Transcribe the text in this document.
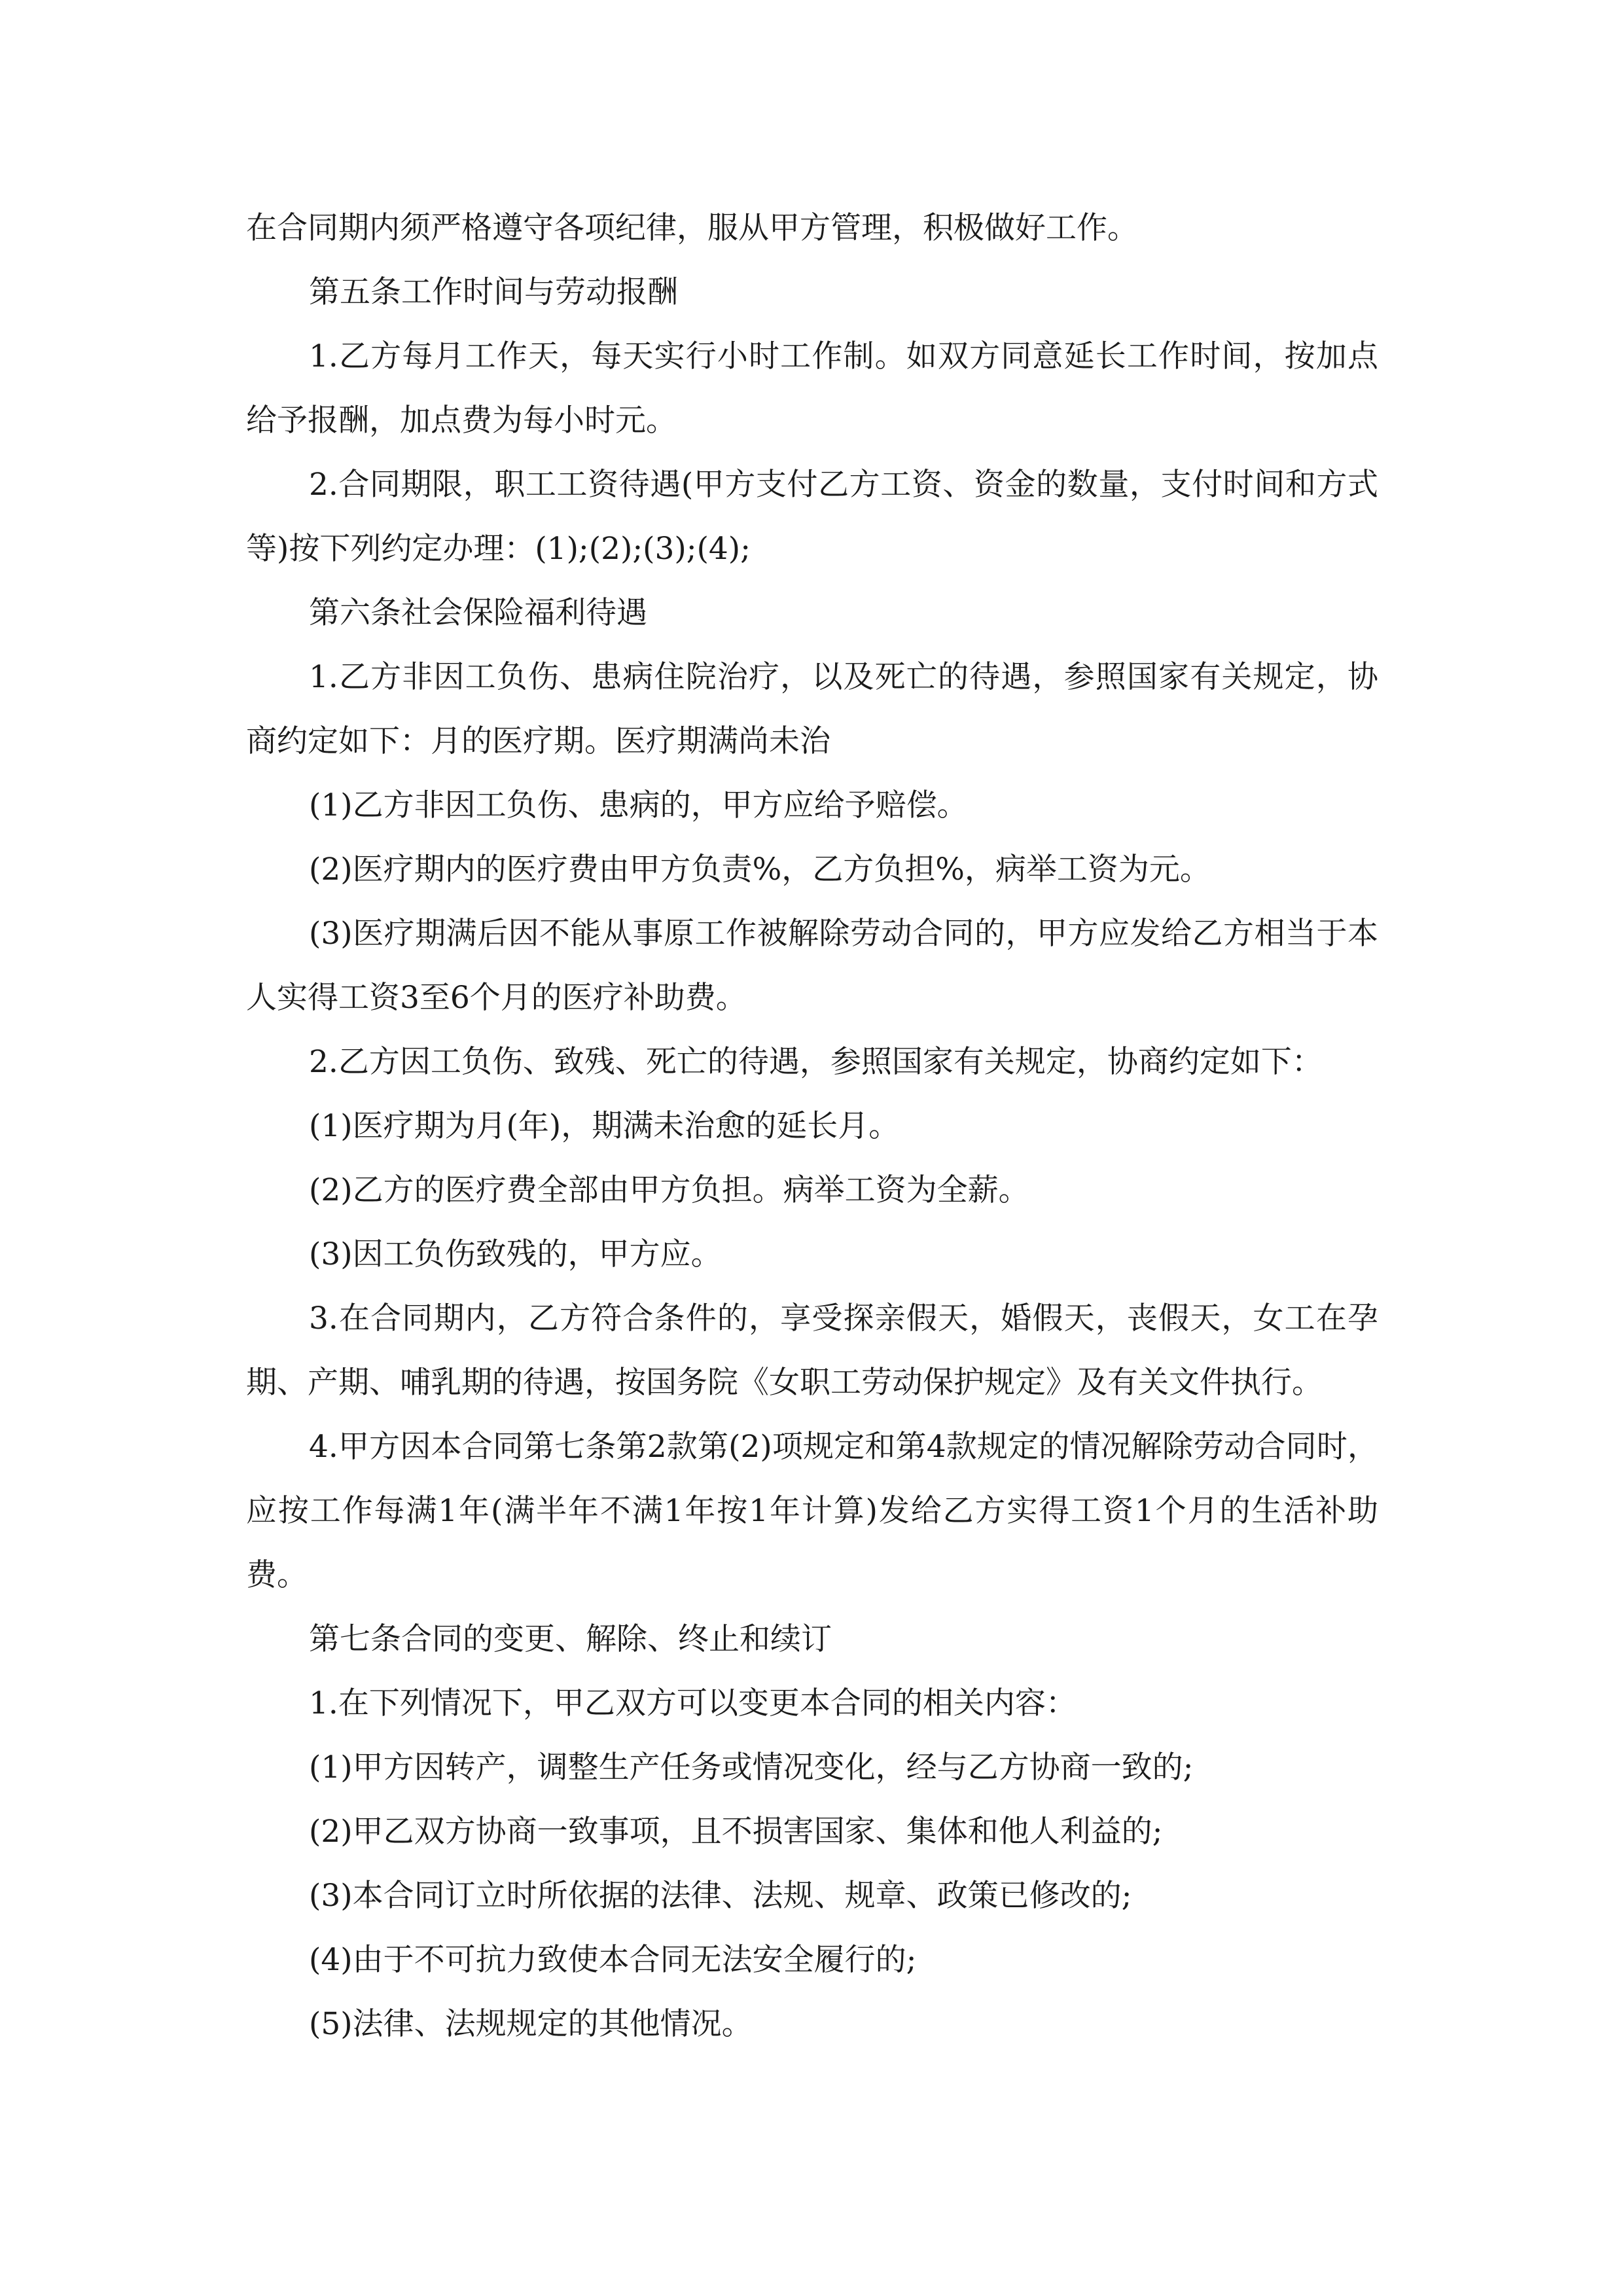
在合同期内须严格遵守各项纪律，服从甲方管理，积极做好工作。

第五条工作时间与劳动报酬

1.乙方每月工作天，每天实行小时工作制。如双方同意延长工作时间，按加点给予报酬，加点费为每小时元。

2.合同期限，职工工资待遇(甲方支付乙方工资、资金的数量，支付时间和方式等)按下列约定办理：(1);(2);(3);(4);

第六条社会保险福利待遇

1.乙方非因工负伤、患病住院治疗，以及死亡的待遇，参照国家有关规定，协商约定如下：月的医疗期。医疗期满尚未治

(1)乙方非因工负伤、患病的，甲方应给予赔偿。

(2)医疗期内的医疗费由甲方负责%，乙方负担%，病举工资为元。

(3)医疗期满后因不能从事原工作被解除劳动合同的，甲方应发给乙方相当于本人实得工资3至6个月的医疗补助费。

2.乙方因工负伤、致残、死亡的待遇，参照国家有关规定，协商约定如下：

(1)医疗期为月(年)，期满未治愈的延长月。

(2)乙方的医疗费全部由甲方负担。病举工资为全薪。

(3)因工负伤致残的，甲方应。

3.在合同期内，乙方符合条件的，享受探亲假天，婚假天，丧假天，女工在孕期、产期、哺乳期的待遇，按国务院《女职工劳动保护规定》及有关文件执行。

4.甲方因本合同第七条第2款第(2)项规定和第4款规定的情况解除劳动合同时，应按工作每满1年(满半年不满1年按1年计算)发给乙方实得工资1个月的生活补助费。

第七条合同的变更、解除、终止和续订

1.在下列情况下，甲乙双方可以变更本合同的相关内容：

(1)甲方因转产，调整生产任务或情况变化，经与乙方协商一致的;

(2)甲乙双方协商一致事项，且不损害国家、集体和他人利益的;

(3)本合同订立时所依据的法律、法规、规章、政策已修改的;

(4)由于不可抗力致使本合同无法安全履行的;

(5)法律、法规规定的其他情况。
